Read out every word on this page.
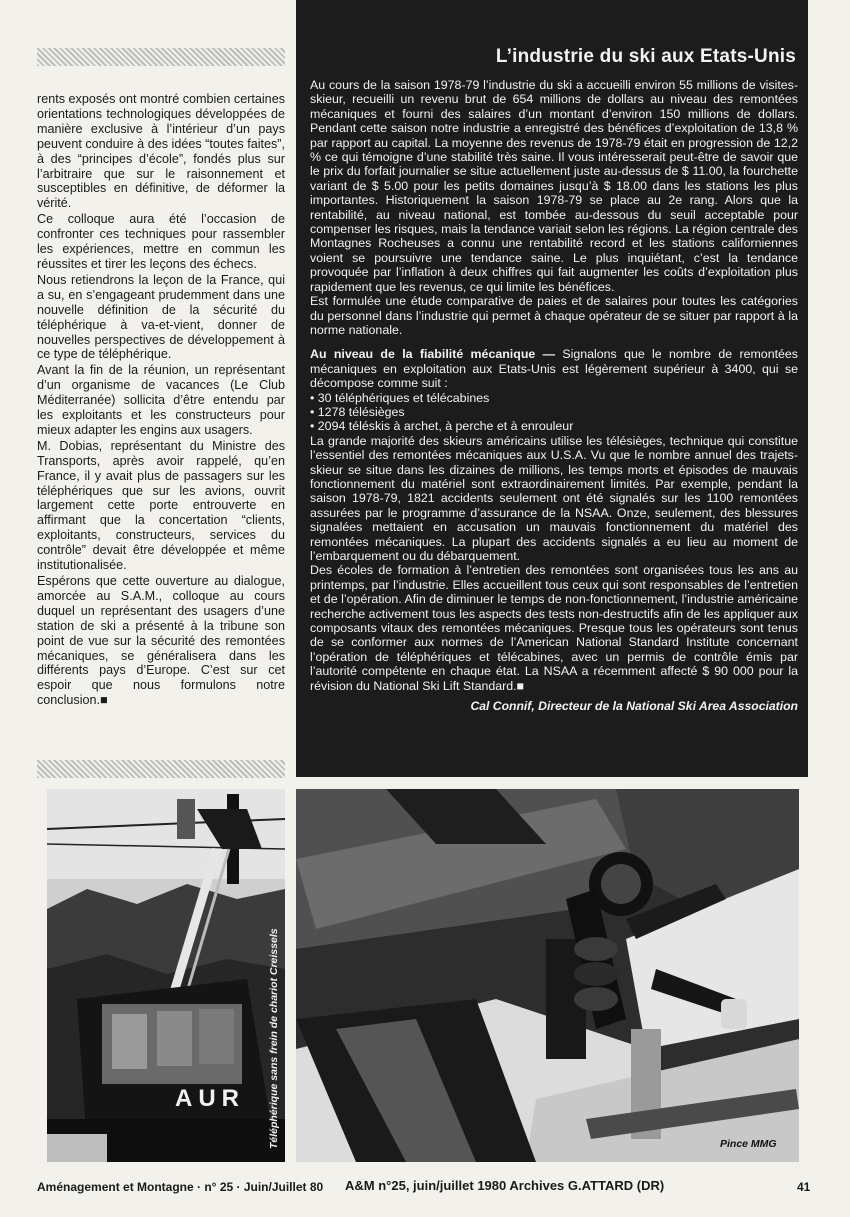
rents exposés ont montré combien certaines orientations technologiques développées de manière exclusive à l’intérieur d’un pays peuvent conduire à des idées “toutes faites”, à des “principes d’école”, fondés plus sur l’arbitraire que sur le raisonnement et susceptibles en définitive, de déformer la vérité.

Ce colloque aura été l’occasion de confronter ces techniques pour rassembler les expériences, mettre en commun les réussites et tirer les leçons des échecs.

Nous retiendrons la leçon de la France, qui a su, en s’engageant prudemment dans une nouvelle définition de la sécurité du téléphérique à va-et-vient, donner de nouvelles perspectives de développement à ce type de téléphérique.

Avant la fin de la réunion, un représentant d’un organisme de vacances (Le Club Méditerranée) sollicita d’être entendu par les exploitants et les constructeurs pour mieux adapter les engins aux usagers.

M. Dobias, représentant du Ministre des Transports, après avoir rappelé, qu’en France, il y avait plus de passagers sur les téléphériques que sur les avions, ouvrit largement cette porte entrouverte en affirmant que la concertation “clients, exploitants, constructeurs, services du contrôle” devait être développée et même institutionalisée.

Espérons que cette ouverture au dialogue, amorcée au S.A.M., colloque au cours duquel un représentant des usagers d’une station de ski a présenté à la tribune son point de vue sur la sécurité des remontées mécaniques, se généralisera dans les différents pays d’Europe. C’est sur cet espoir que nous formulons notre conclusion.■

L’industrie du ski aux Etats-Unis

Au cours de la saison 1978-79 l’industrie du ski a accueilli environ 55 millions de visites-skieur, recueilli un revenu brut de 654 millions de dollars au niveau des remontées mécaniques et fourni des salaires d’un montant d’environ 150 millions de dollars. Pendant cette saison notre industrie a enregistré des bénéfices d’exploitation de 13,8 % par rapport au capital. La moyenne des revenus de 1978-79 était en progression de 12,2 % ce qui témoigne d’une stabilité très saine. Il vous intéresserait peut-être de savoir que le prix du forfait journalier se situe actuellement juste au-dessus de $ 11.00, la fourchette variant de $ 5.00 pour les petits domaines jusqu’à $ 18.00 dans les stations les plus importantes. Historiquement la saison 1978-79 se place au 2e rang. Alors que la rentabilité, au niveau national, est tombée au-dessous du seuil acceptable pour compenser les risques, mais la tendance variait selon les régions. La région centrale des Montagnes Rocheuses a connu une rentabilité record et les stations californiennes voient se poursuivre une tendance saine. Le plus inquiétant, c’est la tendance provoquée par l’inflation à deux chiffres qui fait augmenter les coûts d’exploitation plus rapidement que les revenus, ce qui limite les bénéfices.

Est formulée une étude comparative de paies et de salaires pour toutes les catégories du personnel dans l’industrie qui permet à chaque opérateur de se situer par rapport à la norme nationale.

Au niveau de la fiabilité mécanique — Signalons que le nombre de remontées mécaniques en exploitation aux Etats-Unis est légèrement supérieur à 3400, qui se décompose comme suit :

• 30 téléphériques et télécabines
• 1278 télésièges
• 2094 téléskis à archet, à perche et à enrouleur

La grande majorité des skieurs américains utilise les télésièges, technique qui constitue l’essentiel des remontées mécaniques aux U.S.A. Vu que le nombre annuel des trajets-skieur se situe dans les dizaines de millions, les temps morts et épisodes de mauvais fonctionnement du matériel sont extraordinairement limités. Par exemple, pendant la saison 1978-79, 1821 accidents seulement ont été signalés sur les 1100 remontées assurées par le programme d’assurance de la NSAA. Onze, seulement, des blessures signalées mettaient en accusation un mauvais fonctionnement du matériel des remontées mécaniques. La plupart des accidents signalés a eu lieu au moment de l’embarquement ou du débarquement.

Des écoles de formation à l’entretien des remontées sont organisées tous les ans au printemps, par l’industrie. Elles accueillent tous ceux qui sont responsables de l’entretien et de l’opération. Afin de diminuer le temps de non-fonctionnement, l’industrie américaine recherche activement tous les aspects des tests non-destructifs afin de les appliquer aux composants vitaux des remontées mécaniques. Presque tous les opérateurs sont tenus de se conformer aux normes de l’American National Standard Institute concernant l’opération de téléphériques et télécabines, avec un permis de contrôle émis par l’autorité compétente en chaque état. La NSAA a récemment affecté $ 90 000 pour la révision du National Ski Lift Standard.■

Cal Connif, Directeur de la National Ski Area Association
AUR Téléphérique sans frein de chariot Creissels	Pince MMG
Aménagement et Montagne · n° 25 · Juin/Juillet 80 A&M n°25, juin/juillet 1980 Archives G.ATTARD (DR)	41
